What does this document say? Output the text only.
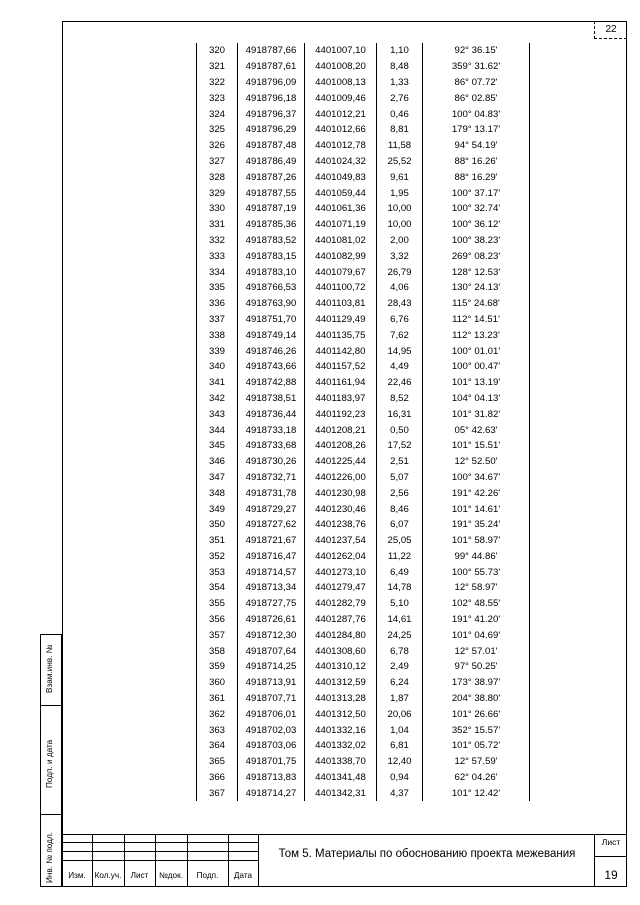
22
320	4918787,66	4401007,10	1,10	92° 36.15'	
321	4918787,61	4401008,20	8,48	359° 31.62'	
322	4918796,09	4401008,13	1,33	86° 07.72'	
323	4918796,18	4401009,46	2,76	86° 02.85'	
324	4918796,37	4401012,21	0,46	100° 04.83'	
325	4918796,29	4401012,66	8,81	179° 13.17'	
326	4918787,48	4401012,78	11,58	94° 54.19'	
327	4918786,49	4401024,32	25,52	88° 16.26'	
328	4918787,26	4401049,83	9,61	88° 16.29'	
329	4918787,55	4401059,44	1,95	100° 37.17'	
330	4918787,19	4401061,36	10,00	100° 32.74'	
331	4918785,36	4401071,19	10,00	100° 36.12'	
332	4918783,52	4401081,02	2,00	100° 38.23'	
333	4918783,15	4401082,99	3,32	269° 08.23'	
334	4918783,10	4401079,67	26,79	128° 12.53'	
335	4918766,53	4401100,72	4,06	130° 24.13'	
336	4918763,90	4401103,81	28,43	115° 24.68'	
337	4918751,70	4401129,49	6,76	112° 14.51'	
338	4918749,14	4401135,75	7,62	112° 13.23'	
339	4918746,26	4401142,80	14,95	100° 01.01'	
340	4918743,66	4401157,52	4,49	100° 00.47'	
341	4918742,88	4401161,94	22,46	101° 13.19'	
342	4918738,51	4401183,97	8,52	104° 04.13'	
343	4918736,44	4401192,23	16,31	101° 31.82'	
344	4918733,18	4401208,21	0,50	05° 42.63'	
345	4918733,68	4401208,26	17,52	101° 15.51'	
346	4918730,26	4401225,44	2,51	12° 52.50'	
347	4918732,71	4401226,00	5,07	100° 34.67'	
348	4918731,78	4401230,98	2,56	191° 42.26'	
349	4918729,27	4401230,46	8,46	101° 14.61'	
350	4918727,62	4401238,76	6,07	191° 35.24'	
351	4918721,67	4401237,54	25,05	101° 58.97'	
352	4918716,47	4401262,04	11,22	99° 44.86'	
353	4918714,57	4401273,10	6,49	100° 55.73'	
354	4918713,34	4401279,47	14,78	12° 58.97'	
355	4918727,75	4401282,79	5,10	102° 48.55'	
356	4918726,61	4401287,76	14,61	191° 41.20'	
357	4918712,30	4401284,80	24,25	101° 04.69'	
358	4918707,64	4401308,60	6,78	12° 57.01'	
359	4918714,25	4401310,12	2,49	97° 50.25'	
360	4918713,91	4401312,59	6,24	173° 38.97'	
361	4918707,71	4401313,28	1,87	204° 38.80'	
362	4918706,01	4401312,50	20,06	101° 26.66'	
363	4918702,03	4401332,16	1,04	352° 15.57'	
364	4918703,06	4401332,02	6,81	101° 05.72'	
365	4918701,75	4401338,70	12,40	12° 57.59'	
366	4918713,83	4401341,48	0,94	62° 04.26'	
367	4918714,27	4401342,31	4,37	101° 12.42'	
Изм.	Кол.уч.	Лист	№док.	Подп.	Дата
Том 5. Материалы по обоснованию проекта межевания
Лист
19
Взам.инв. №
Подп. и дата
Инв. № подл.
